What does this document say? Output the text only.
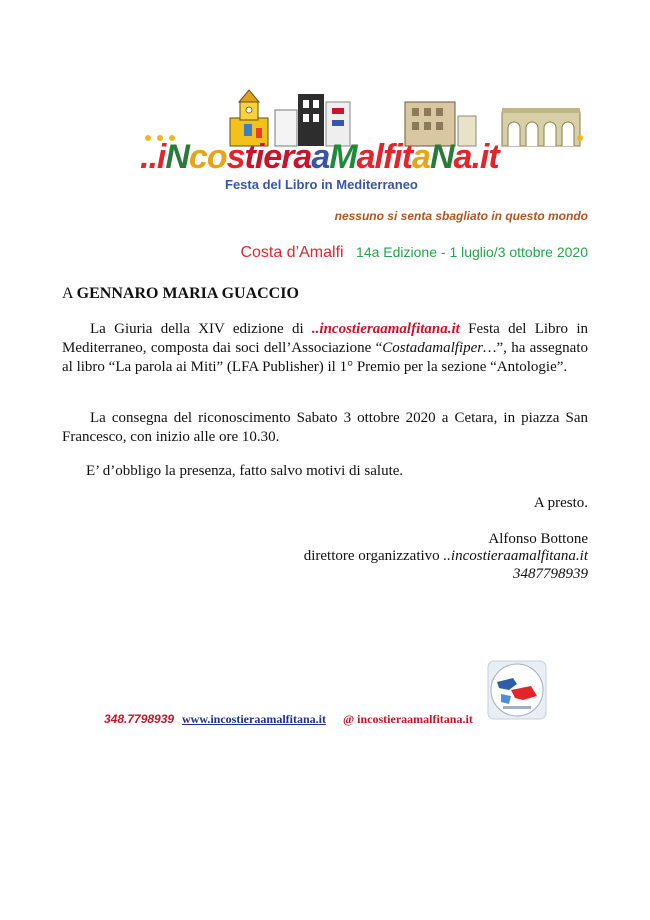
..iNcostieraaMalfitaNa.it
Festa del Libro in Mediterraneo
nessuno si senta sbagliato in questo mondo
Costa d’Amalfi 14a Edizione - 1 luglio/3 ottobre 2020
A GENNARO MARIA GUACCIO

La Giuria della XIV edizione di ..incostieraamalfitana.it Festa del Libro in Mediterraneo, composta dai soci dell’Associazione “Costadamalfiper…”, ha assegnato al libro “La parola ai Miti” (LFA Publisher) il 1° Premio per la sezione “Antologie”.

La consegna del riconoscimento Sabato 3 ottobre 2020 a Cetara, in piazza San Francesco, con inizio alle ore 10.30.

E’ d’obbligo la presenza, fatto salvo motivi di salute.

A presto.
Alfonso Bottone
direttore organizzativo ..incostieraamalfitana.it
3487798939
348.7798939 www.incostieraamalfitana.it @ incostieraamalfitana.it
